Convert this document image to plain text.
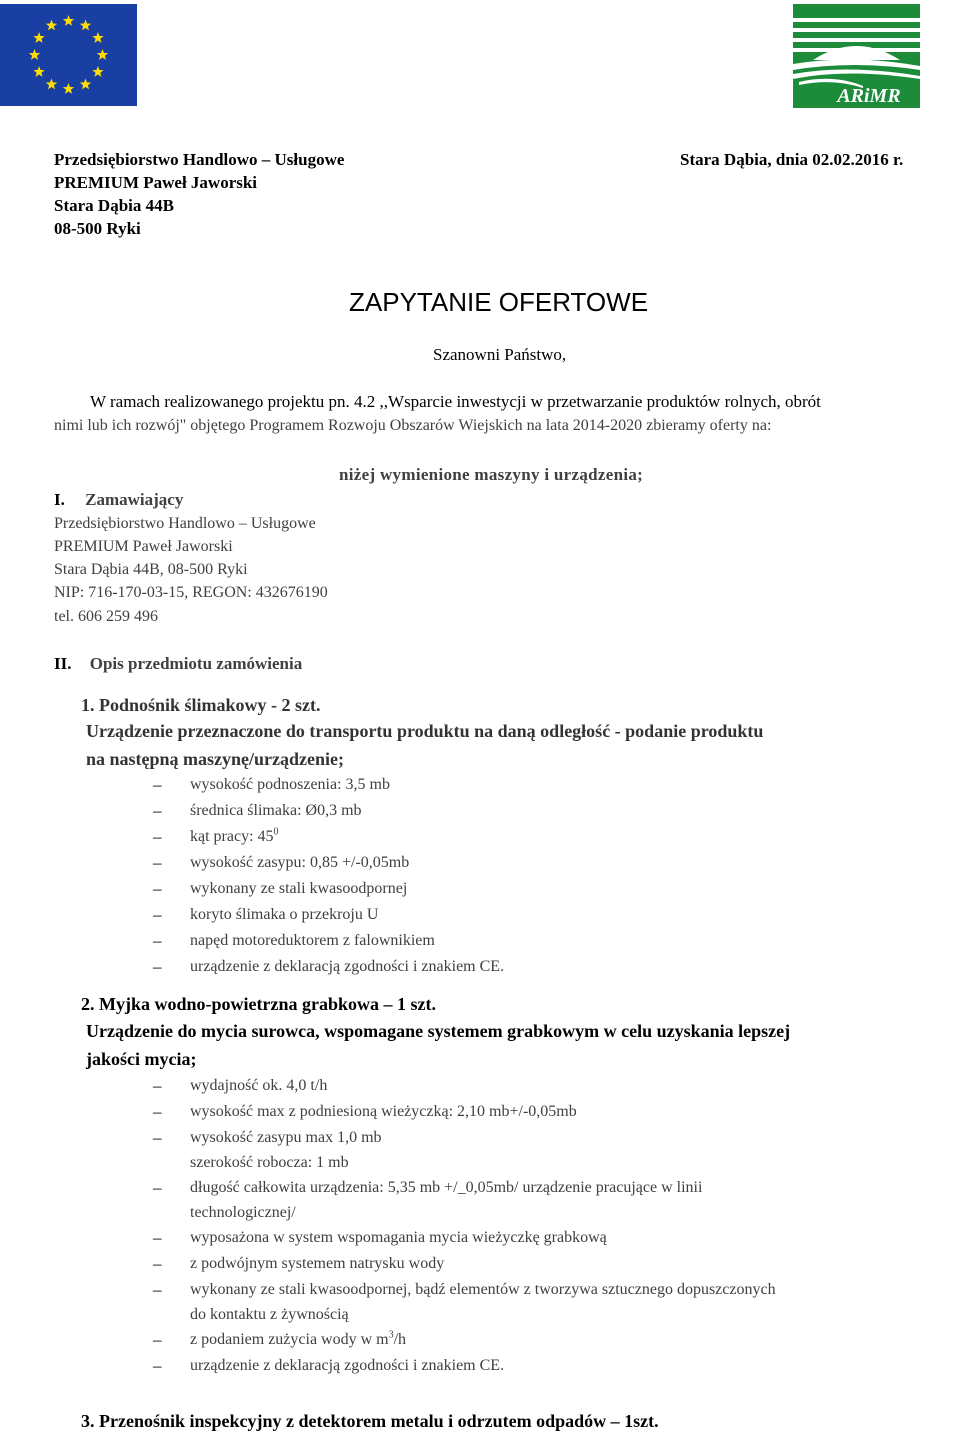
ARiMR
Przedsiębiorstwo Handlowo – Usługowe
PREMIUM Paweł Jaworski
Stara Dąbia 44B
08-500 Ryki
Stara Dąbia, dnia 02.02.2016 r.
ZAPYTANIE OFERTOWE
Szanowni Państwo,
W ramach realizowanego projektu pn. 4.2 ,,Wsparcie inwestycji w przetwarzanie produktów rolnych, obrót
nimi lub ich rozwój" objętego Programem Rozwoju Obszarów Wiejskich na lata 2014-2020 zbieramy oferty na:
niżej wymienione maszyny i urządzenia;
I. Zamawiający
Przedsiębiorstwo Handlowo – Usługowe
PREMIUM Paweł Jaworski
Stara Dąbia 44B, 08-500 Ryki
NIP: 716-170-03-15, REGON: 432676190
tel. 606 259 496
II. Opis przedmiotu zamówienia
1. Podnośnik ślimakowy - 2 szt.
Urządzenie przeznaczone do transportu produktu na daną odległość - podanie produktu
na następną maszynę/urządzenie;
– wysokość podnoszenia: 3,5 mb
– średnica ślimaka: Ø0,3 mb
– kąt pracy: $45^0$
– wysokość zasypu: 0,85 +/-0,05mb
– wykonany ze stali kwasoodpornej
– koryto ślimaka o przekroju U
– napęd motoreduktorem z falownikiem
– urządzenie z deklaracją zgodności i znakiem CE.
2. Myjka wodno-powietrzna grabkowa – 1 szt.
Urządzenie do mycia surowca, wspomagane systemem grabkowym w celu uzyskania lepszej
jakości mycia;
– wydajność ok. 4,0 t/h
– wysokość max z podniesioną wieżyczką: 2,10 mb+/-0,05mb
– wysokość zasypu max 1,0 mb
szerokość robocza: 1 mb
– długość całkowita urządzenia: 5,35 mb +/_0,05mb/ urządzenie pracujące w linii
technologicznej/
– wyposażona w system wspomagania mycia wieżyczkę grabkową
– z podwójnym systemem natrysku wody
– wykonany ze stali kwasoodpornej, bądź elementów z tworzywa sztucznego dopuszczonych
do kontaktu z żywnością
– z podaniem zużycia wody w $m^3/h$
– urządzenie z deklaracją zgodności i znakiem CE.
3. Przenośnik inspekcyjny z detektorem metalu i odrzutem odpadów – 1szt.
